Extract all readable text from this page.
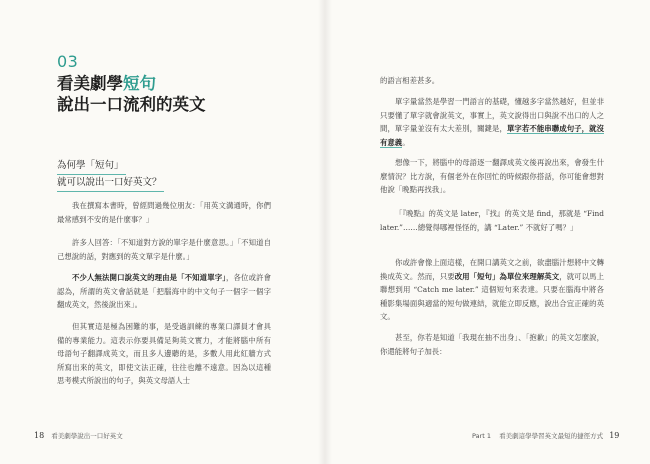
03
看美劇學短句
說出一口流利的英文
為何學「短句」
就可以說出一口好英文？

我在撰寫本書時，曾經問過幾位朋友：「用英文溝通時，你們最常感到不安的是什麼事？」

許多人回答：「不知道對方說的單字是什麼意思。」「不知道自己想說的話，對應到的英文單字是什麼。」

不少人無法開口說英文的理由是「不知道單字」，各位或許會認為，所謂的英文會話就是「把腦海中的中文句子一個字一個字翻成英文，然後說出來」。

但其實這是極為困難的事，是受過訓練的專業口譯員才會具備的專業能力。這表示你要具備足夠英文實力，才能將腦中所有母語句子翻譯成英文，而且多人邊聽的是，多數人用此紅牆方式所寫出來的英文，即使文法正確，往往也離不遠意。因為以這種思考模式所說出的句子，與英文母語人士

18 看美劇學說出一口好英文

的語言相差甚多。

單字量當然是學習一門語言的基礎，懂越多字當然越好，但並非只要懂了單字就會說英文，事實上，英文說得出口與說不出口的人之間，單字量並沒有太大差別，關鍵是，單字若不能串聯成句子，就沒有意義。

想像一下，將腦中的母語逐一翻譯成英文後再說出來，會發生什麼情況？比方說，有個老外在你回忙的時候跟你搭話，你可能會想對他說「晚點再找我」。

「『晚點』的英文是 later，『找』的英文是 find，那就是 “Find later.”……總覺得哪裡怪怪的，講 “Later.” 不就好了嗎？」

你或許會像上面這樣，在開口講英文之前，欲盡腦汁想將中文轉換成英文。然而，只要改用「短句」為單位來理解英文，就可以馬上聯想到用 “Catch me later.” 這個短句來表達。只要在腦海中將各種影集場面與適當的短句做連結，就能立即反應，說出合宜正確的英文。

甚至，你若是知道「我現在抽不出身」、「抱歉」的英文怎麼說，你還能將句子加長：

Part 1 看美劇這學學習英文最短的捷徑方式 19
